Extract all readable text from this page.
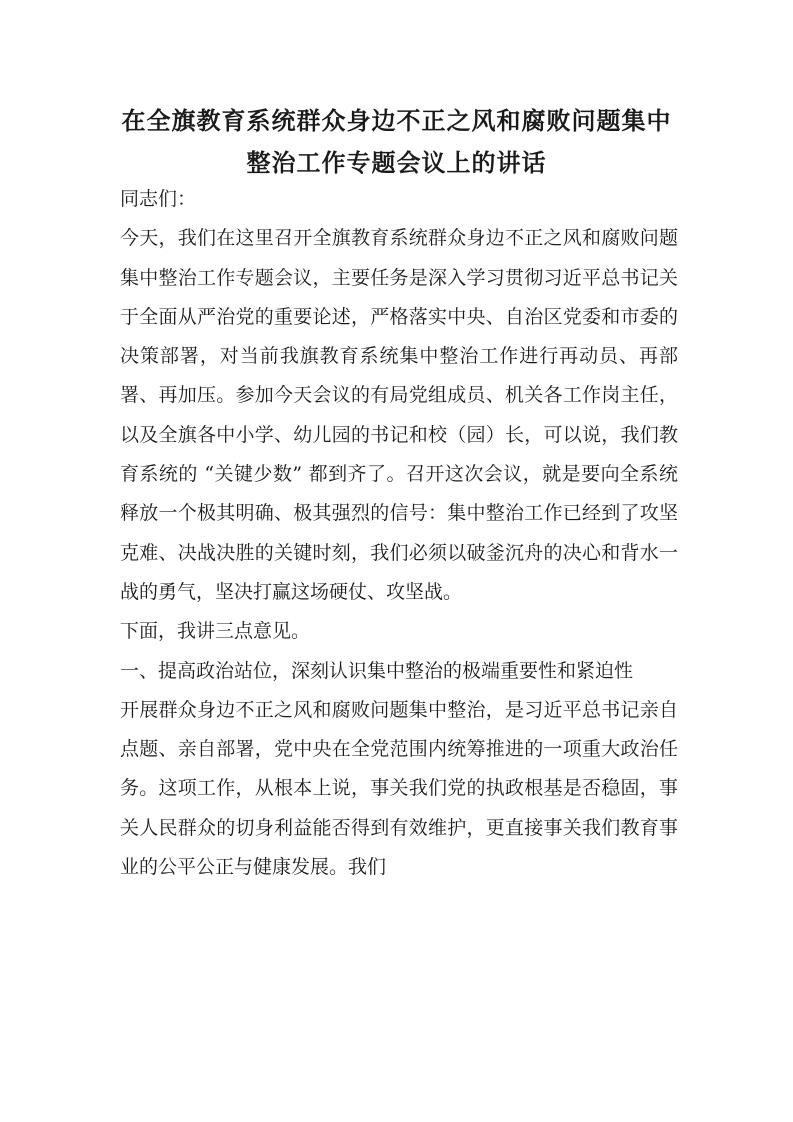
在全旗教育系统群众身边不正之风和腐败问题集中
整治工作专题会议上的讲话

同志们：

今天，我们在这里召开全旗教育系统群众身边不正之风和腐败问题集中整治工作专题会议，主要任务是深入学习贯彻习近平总书记关于全面从严治党的重要论述，严格落实中央、自治区党委和市委的决策部署，对当前我旗教育系统集中整治工作进行再动员、再部署、再加压。参加今天会议的有局党组成员、机关各工作岗主任，以及全旗各中小学、幼儿园的书记和校（园）长，可以说，我们教育系统的 “关键少数” 都到齐了。召开这次会议，就是要向全系统释放一个极其明确、极其强烈的信号：集中整治工作已经到了攻坚克难、决战决胜的关键时刻，我们必须以破釜沉舟的决心和背水一战的勇气，坚决打赢这场硬仗、攻坚战。

下面，我讲三点意见。

一、提高政治站位，深刻认识集中整治的极端重要性和紧迫性

开展群众身边不正之风和腐败问题集中整治，是习近平总书记亲自点题、亲自部署，党中央在全党范围内统筹推进的一项重大政治任务。这项工作，从根本上说，事关我们党的执政根基是否稳固，事关人民群众的切身利益能否得到有效维护，更直接事关我们教育事业的公平公正与健康发展。我们
